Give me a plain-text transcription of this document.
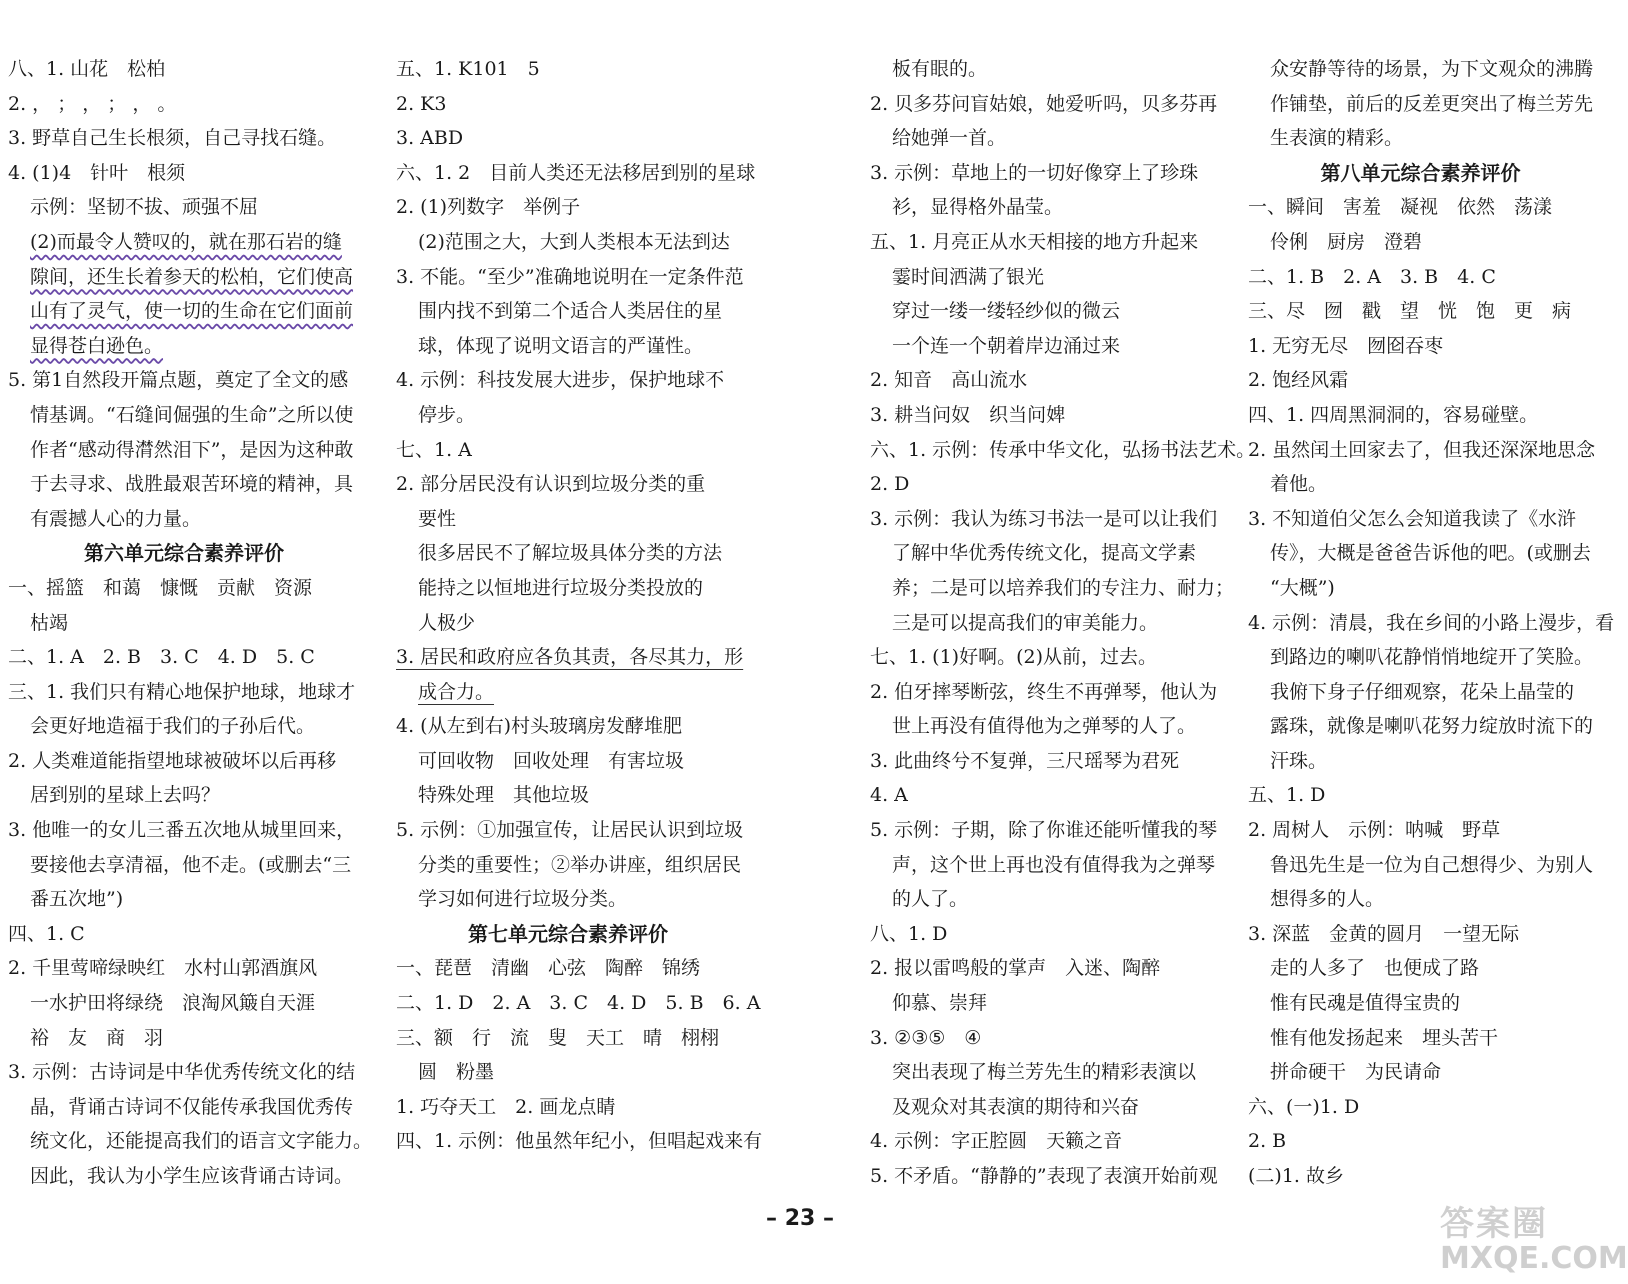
八、1. 山花　松柏
2. ， ； ， ； ， 。
3. 野草自己生长根须，自己寻找石缝。
4. (1)4　针叶　根须
示例：坚韧不拔、顽强不屈
(2)而最令人赞叹的，就在那石岩的缝
隙间，还生长着参天的松柏，它们使高
山有了灵气，使一切的生命在它们面前
显得苍白逊色。
5. 第1自然段开篇点题，奠定了全文的感
情基调。“石缝间倔强的生命”之所以使
作者“感动得潸然泪下”，是因为这种敢
于去寻求、战胜最艰苦环境的精神，具
有震撼人心的力量。
第六单元综合素养评价
一、摇篮　和蔼　慷慨　贡献　资源
枯竭
二、1. A　2. B　3. C　4. D　5. C
三、1. 我们只有精心地保护地球，地球才
会更好地造福于我们的子孙后代。
2. 人类难道能指望地球被破坏以后再移
居到别的星球上去吗？
3. 他唯一的女儿三番五次地从城里回来，
要接他去享清福，他不走。(或删去“三
番五次地”)
四、1. C
2. 千里莺啼绿映红　水村山郭酒旗风
一水护田将绿绕　浪淘风簸自天涯
裕　友　商　羽
3. 示例：古诗词是中华优秀传统文化的结
晶，背诵古诗词不仅能传承我国优秀传
统文化，还能提高我们的语言文字能力。
因此，我认为小学生应该背诵古诗词。
五、1. K101　5
2. K3
3. ABD
六、1. 2　目前人类还无法移居到别的星球
2. (1)列数字　举例子
(2)范围之大，大到人类根本无法到达
3. 不能。“至少”准确地说明在一定条件范
围内找不到第二个适合人类居住的星
球，体现了说明文语言的严谨性。
4. 示例：科技发展大进步，保护地球不
停步。
七、1. A
2. 部分居民没有认识到垃圾分类的重
要性
很多居民不了解垃圾具体分类的方法
能持之以恒地进行垃圾分类投放的
人极少
3. 居民和政府应各负其责，各尽其力，形
成合力。
4. (从左到右)村头玻璃房发酵堆肥
可回收物　回收处理　有害垃圾
特殊处理　其他垃圾
5. 示例：①加强宣传，让居民认识到垃圾
分类的重要性；②举办讲座，组织居民
学习如何进行垃圾分类。
第七单元综合素养评价
一、琵琶　清幽　心弦　陶醉　锦绣
二、1. D　2. A　3. C　4. D　5. B　6. A
三、额　行　流　叟　天工　晴　栩栩
圆　粉墨
1. 巧夺天工　2. 画龙点睛
四、1. 示例：他虽然年纪小，但唱起戏来有
板有眼的。
2. 贝多芬问盲姑娘，她爱听吗，贝多芬再
给她弹一首。
3. 示例：草地上的一切好像穿上了珍珠
衫，显得格外晶莹。
五、1. 月亮正从水天相接的地方升起来
霎时间洒满了银光
穿过一缕一缕轻纱似的微云
一个连一个朝着岸边涌过来
2. 知音　高山流水
3. 耕当问奴　织当问婢
六、1. 示例：传承中华文化，弘扬书法艺术。
2. D
3. 示例：我认为练习书法一是可以让我们
了解中华优秀传统文化，提高文学素
养；二是可以培养我们的专注力、耐力；
三是可以提高我们的审美能力。
七、1. (1)好啊。(2)从前，过去。
2. 伯牙摔琴断弦，终生不再弹琴，他认为
世上再没有值得他为之弹琴的人了。
3. 此曲终兮不复弹，三尺瑶琴为君死
4. A
5. 示例：子期，除了你谁还能听懂我的琴
声，这个世上再也没有值得我为之弹琴
的人了。
八、1. D
2. 报以雷鸣般的掌声　入迷、陶醉
仰慕、崇拜
3. ②③⑤　④
突出表现了梅兰芳先生的精彩表演以
及观众对其表演的期待和兴奋
4. 示例：字正腔圆　天籁之音
5. 不矛盾。“静静的”表现了表演开始前观
众安静等待的场景，为下文观众的沸腾
作铺垫，前后的反差更突出了梅兰芳先
生表演的精彩。
第八单元综合素养评价
一、瞬间　害羞　凝视　依然　荡漾
伶俐　厨房　澄碧
二、1. B　2. A　3. B　4. C
三、尽　囫　戳　望　恍　饱　更　病
1. 无穷无尽　囫囵吞枣
2. 饱经风霜
四、1. 四周黑洞洞的，容易碰壁。
2. 虽然闰土回家去了，但我还深深地思念
着他。
3. 不知道伯父怎么会知道我读了《水浒
传》，大概是爸爸告诉他的吧。(或删去
“大概”)
4. 示例：清晨，我在乡间的小路上漫步，看
到路边的喇叭花静悄悄地绽开了笑脸。
我俯下身子仔细观察，花朵上晶莹的
露珠，就像是喇叭花努力绽放时流下的
汗珠。
五、1. D
2. 周树人　示例：呐喊　野草
鲁迅先生是一位为自己想得少、为别人
想得多的人。
3. 深蓝　金黄的圆月　一望无际
走的人多了　也便成了路
惟有民魂是值得宝贵的
惟有他发扬起来　埋头苦干
拼命硬干　为民请命
六、(一)1. D
2. B
(二)1. 故乡
– 23 –	答案圈
MXQE.COM
